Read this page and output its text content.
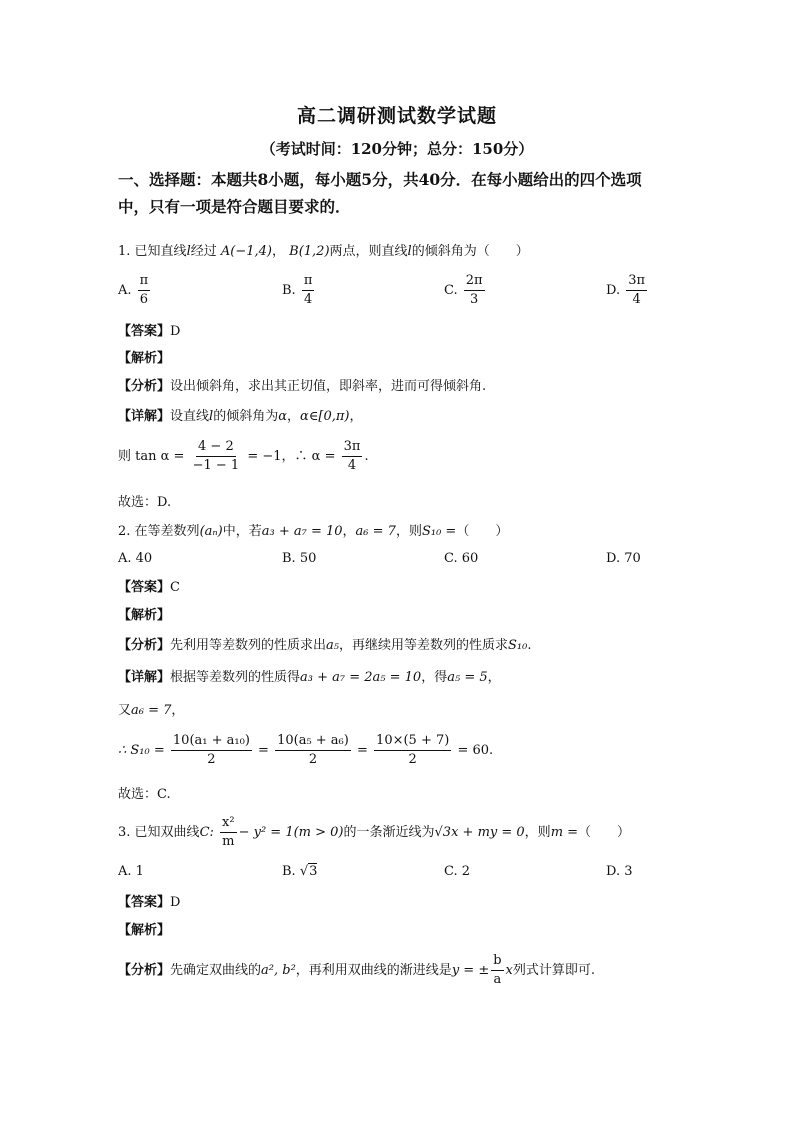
高二调研测试数学试题
（考试时间：120分钟；总分：150分）
一、选择题：本题共8小题，每小题5分，共40分．在每小题给出的四个选项
中，只有一项是符合题目要求的．
1. 已知直线l经过 A(−1,4)， B(1,2)两点，则直线l的倾斜角为（　　）
A. $\frac{\pi}{6}$	B. $\frac{\pi}{4}$	C. $\frac{2\pi}{3}$	D. $\frac{3\pi}{4}$
【答案】D
【解析】
【分析】设出倾斜角，求出其正切值，即斜率，进而可得倾斜角.
【详解】设直线l的倾斜角为α，α∈[0,π)，
则 $\tan \alpha = \frac{4 - 2}{-1 - 1} = -1$，∴ $\alpha = \frac{3\pi}{4}$ .
故选：D.
2. 在等差数列(aₙ)中，若a₃ + a₇ = 10，a₆ = 7，则S₁₀ =（　　）
A. 40	B. 50	C. 60	D. 70
【答案】C
【解析】
【分析】先利用等差数列的性质求出a₅，再继续用等差数列的性质求S₁₀.
【详解】根据等差数列的性质得a₃ + a₇ = 2a₅ = 10，得a₅ = 5，
又a₆ = 7，
∴ $S_{10} = \frac{\text{10(a₁ + a₁₀)}}{2} = \frac{\text{10(a₅ + a₆)}}{2} = \frac{10\times(5 + 7)}{2} = 60$.
故选：C.
3. 已知双曲线C: $\frac{\text{x²}}{m} - y^2 = 1(m > 0)$的一条渐近线为√3x + my = 0，则m =（　　）
A. 1	B. √3	C. 2	D. 3
【答案】D
【解析】
【分析】先确定双曲线的a², b²，再利用双曲线的渐进线是y = ± $\frac{b}{a}$ x列式计算即可.
